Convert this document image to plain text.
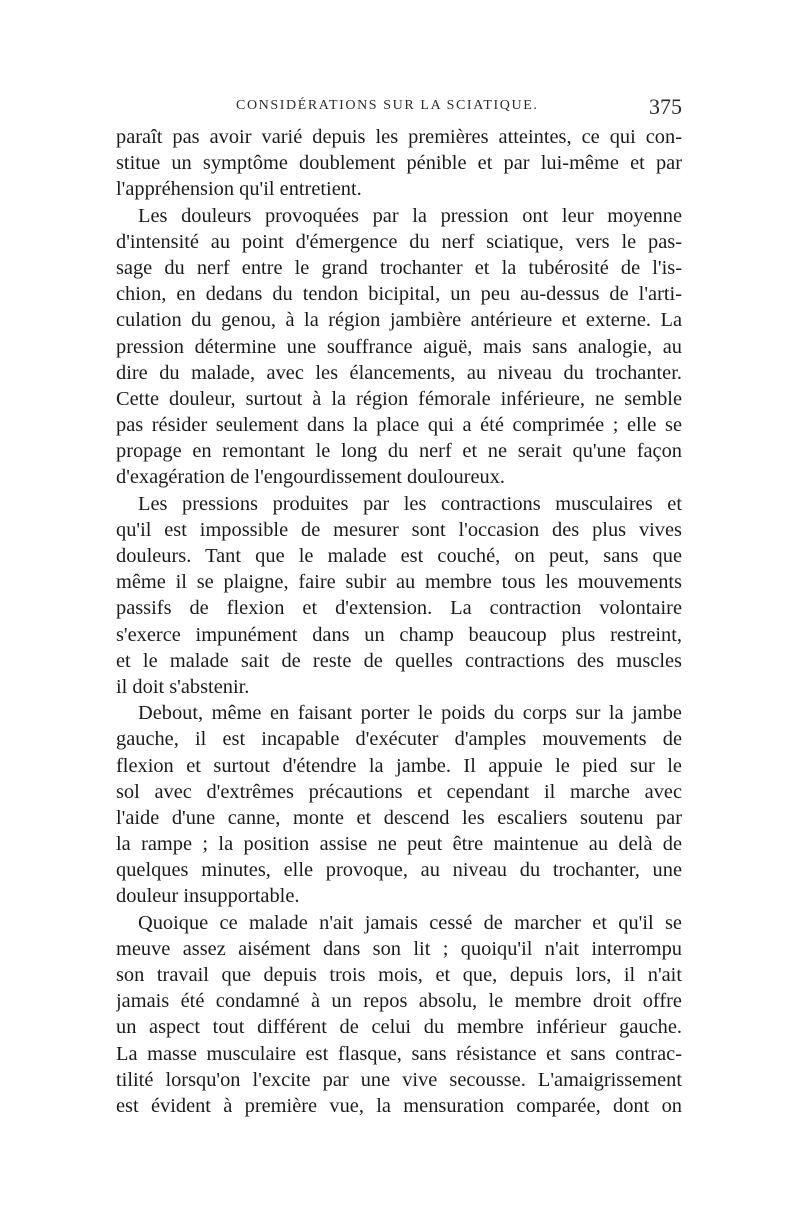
CONSIDÉRATIONS SUR LA SCIATIQUE.	375
paraît pas avoir varié depuis les premières atteintes, ce qui con-
stitue un symptôme doublement pénible et par lui-même et par
l'appréhension qu'il entretient.
Les douleurs provoquées par la pression ont leur moyenne
d'intensité au point d'émergence du nerf sciatique, vers le pas-
sage du nerf entre le grand trochanter et la tubérosité de l'is-
chion, en dedans du tendon bicipital, un peu au-dessus de l'arti-
culation du genou, à la région jambière antérieure et externe. La
pression détermine une souffrance aiguë, mais sans analogie, au
dire du malade, avec les élancements, au niveau du trochanter.
Cette douleur, surtout à la région fémorale inférieure, ne semble
pas résider seulement dans la place qui a été comprimée ; elle se
propage en remontant le long du nerf et ne serait qu'une façon
d'exagération de l'engourdissement douloureux.
Les pressions produites par les contractions musculaires et
qu'il est impossible de mesurer sont l'occasion des plus vives
douleurs. Tant que le malade est couché, on peut, sans que
même il se plaigne, faire subir au membre tous les mouvements
passifs de flexion et d'extension. La contraction volontaire
s'exerce impunément dans un champ beaucoup plus restreint,
et le malade sait de reste de quelles contractions des muscles
il doit s'abstenir.
Debout, même en faisant porter le poids du corps sur la jambe
gauche, il est incapable d'exécuter d'amples mouvements de
flexion et surtout d'étendre la jambe. Il appuie le pied sur le
sol avec d'extrêmes précautions et cependant il marche avec
l'aide d'une canne, monte et descend les escaliers soutenu par
la rampe ; la position assise ne peut être maintenue au delà de
quelques minutes, elle provoque, au niveau du trochanter, une
douleur insupportable.
Quoique ce malade n'ait jamais cessé de marcher et qu'il se
meuve assez aisément dans son lit ; quoiqu'il n'ait interrompu
son travail que depuis trois mois, et que, depuis lors, il n'ait
jamais été condamné à un repos absolu, le membre droit offre
un aspect tout différent de celui du membre inférieur gauche.
La masse musculaire est flasque, sans résistance et sans contrac-
tilité lorsqu'on l'excite par une vive secousse. L'amaigrissement
est évident à première vue, la mensuration comparée, dont on
